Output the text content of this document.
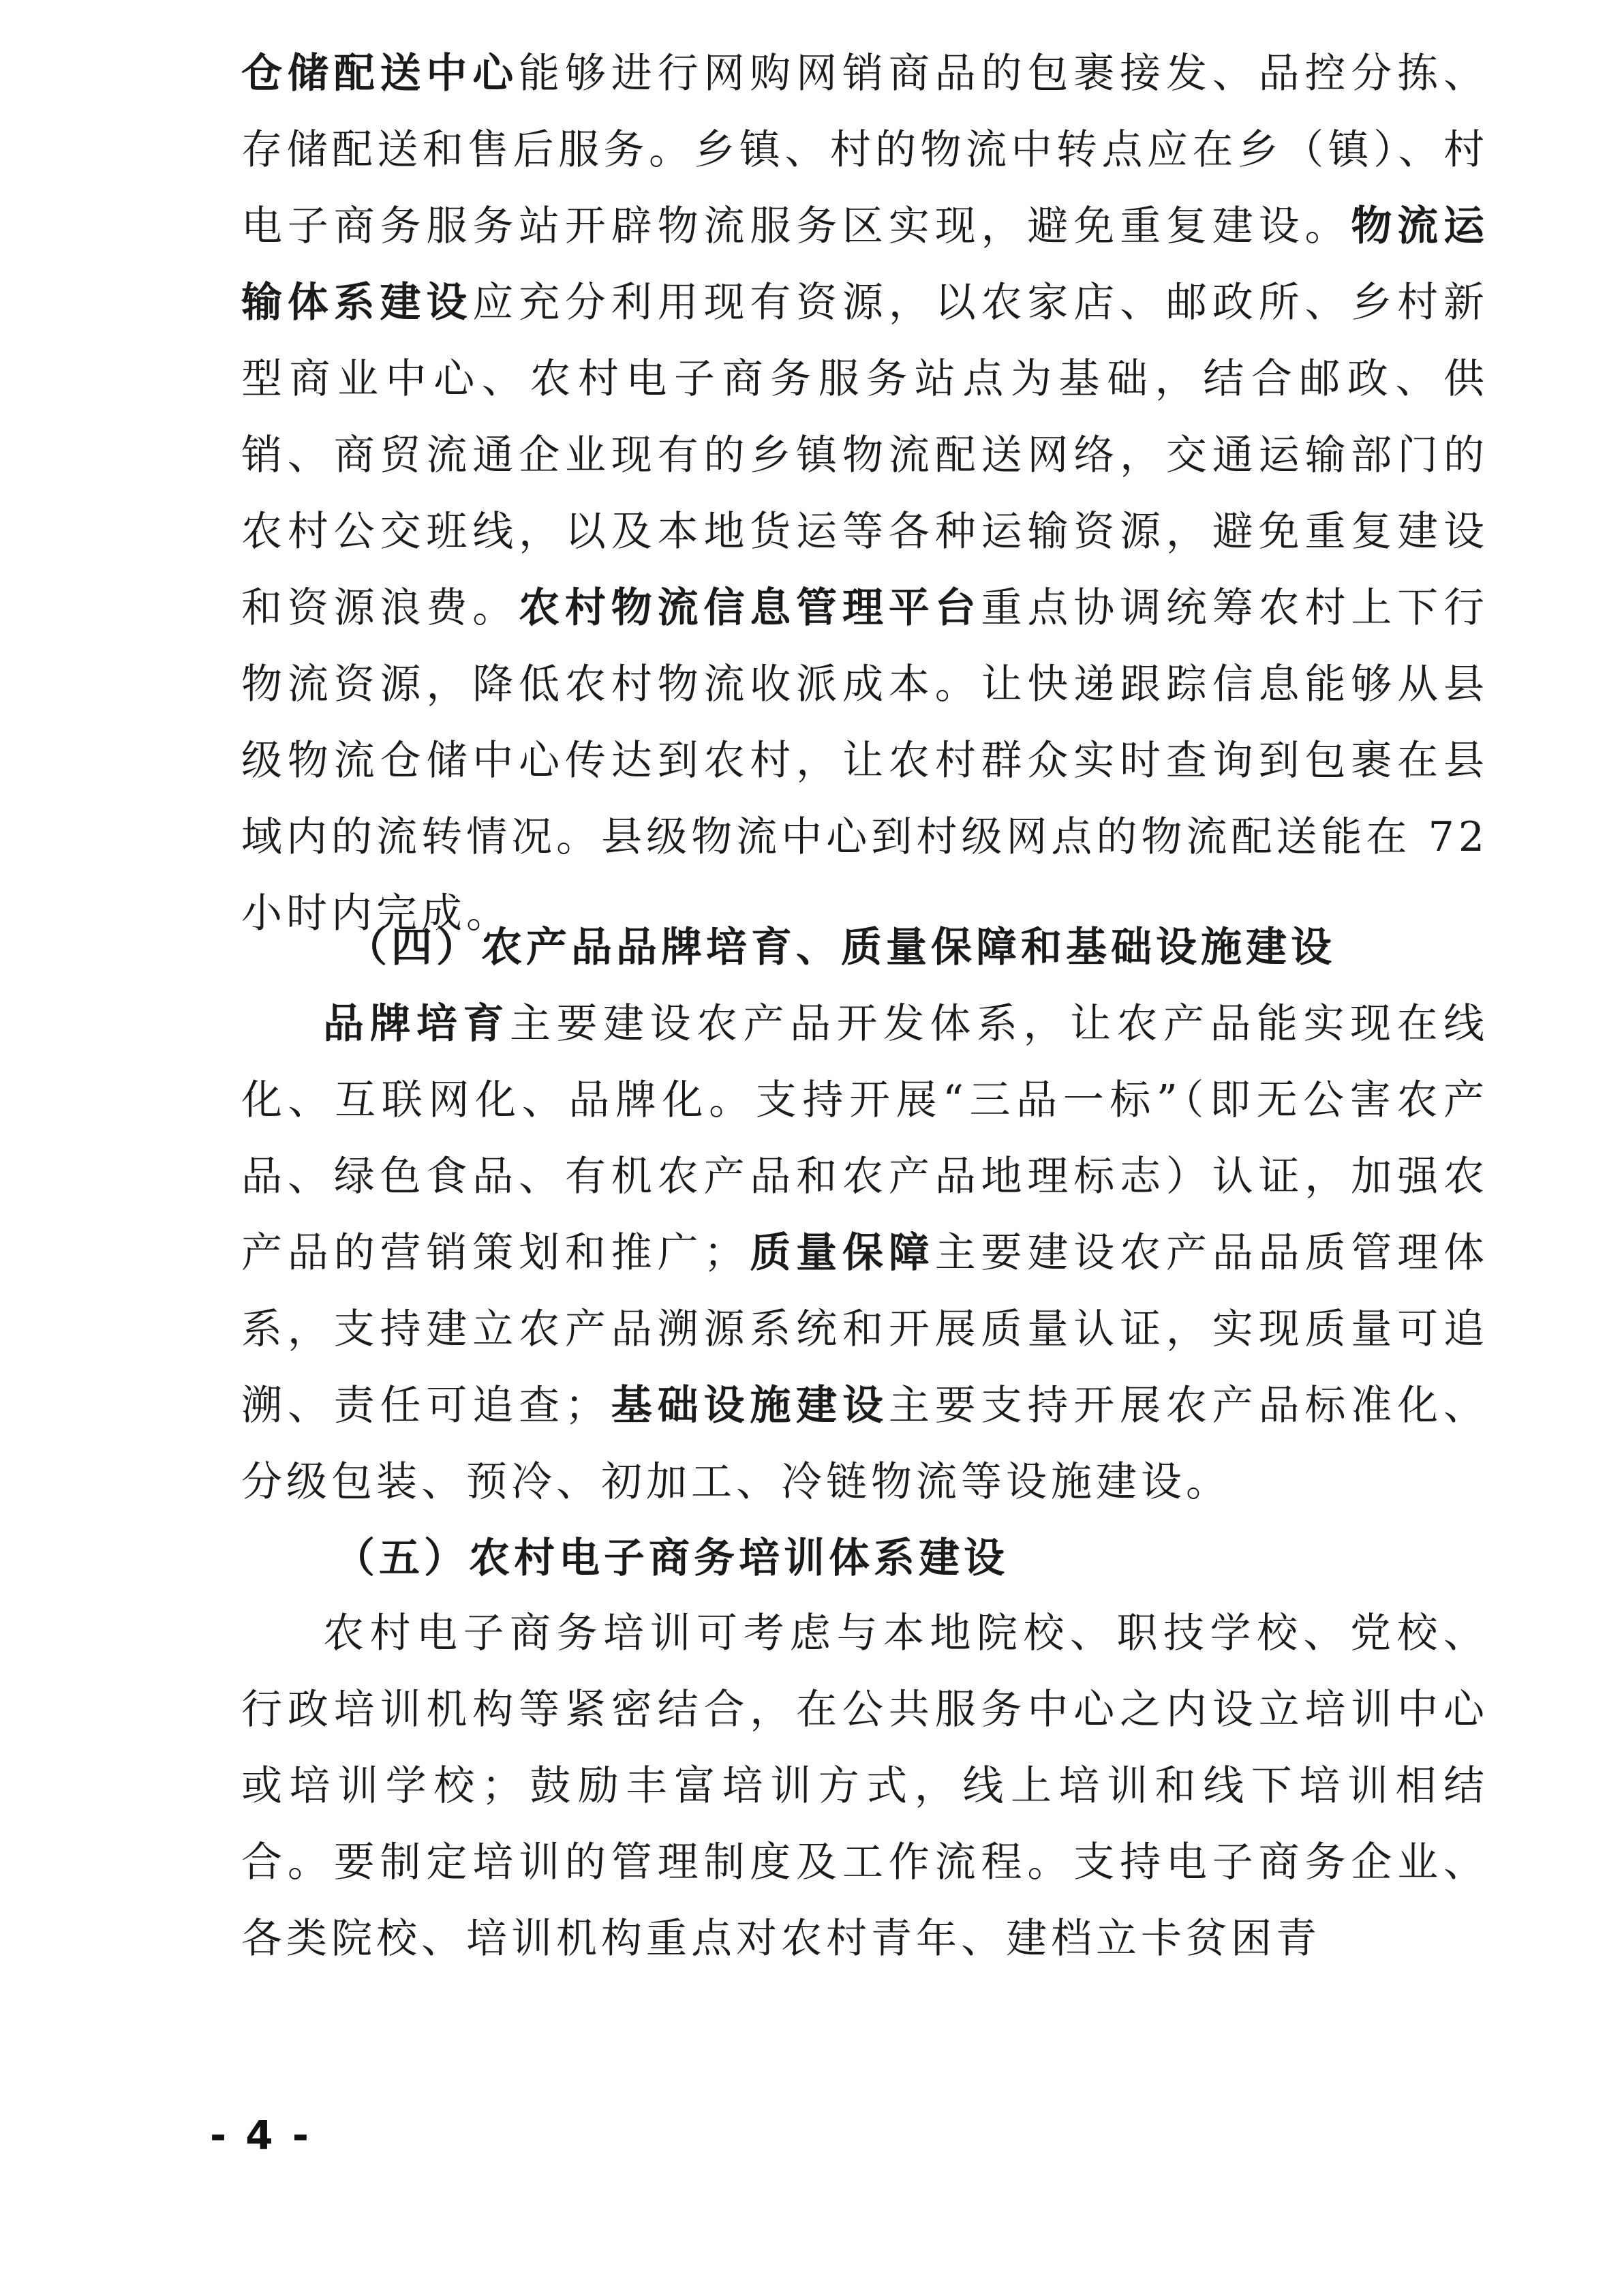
仓储配送中心能够进行网购网销商品的包裹接发、品控分拣、存储配送和售后服务。乡镇、村的物流中转点应在乡（镇）、村电子商务服务站开辟物流服务区实现，避免重复建设。物流运输体系建设应充分利用现有资源，以农家店、邮政所、乡村新型商业中心、农村电子商务服务站点为基础，结合邮政、供销、商贸流通企业现有的乡镇物流配送网络，交通运输部门的农村公交班线，以及本地货运等各种运输资源，避免重复建设和资源浪费。农村物流信息管理平台重点协调统筹农村上下行物流资源，降低农村物流收派成本。让快递跟踪信息能够从县级物流仓储中心传达到农村，让农村群众实时查询到包裹在县域内的流转情况。县级物流中心到村级网点的物流配送能在 72 小时内完成。
（四）农产品品牌培育、质量保障和基础设施建设
品牌培育主要建设农产品开发体系，让农产品能实现在线化、互联网化、品牌化。支持开展“三品一标”（即无公害农产品、绿色食品、有机农产品和农产品地理标志）认证，加强农产品的营销策划和推广；质量保障主要建设农产品品质管理体系，支持建立农产品溯源系统和开展质量认证，实现质量可追溯、责任可追查；基础设施建设主要支持开展农产品标准化、分级包装、预冷、初加工、冷链物流等设施建设。
（五）农村电子商务培训体系建设
农村电子商务培训可考虑与本地院校、职技学校、党校、行政培训机构等紧密结合，在公共服务中心之内设立培训中心或培训学校；鼓励丰富培训方式，线上培训和线下培训相结合。要制定培训的管理制度及工作流程。支持电子商务企业、各类院校、培训机构重点对农村青年、建档立卡贫困青
- 4 -
